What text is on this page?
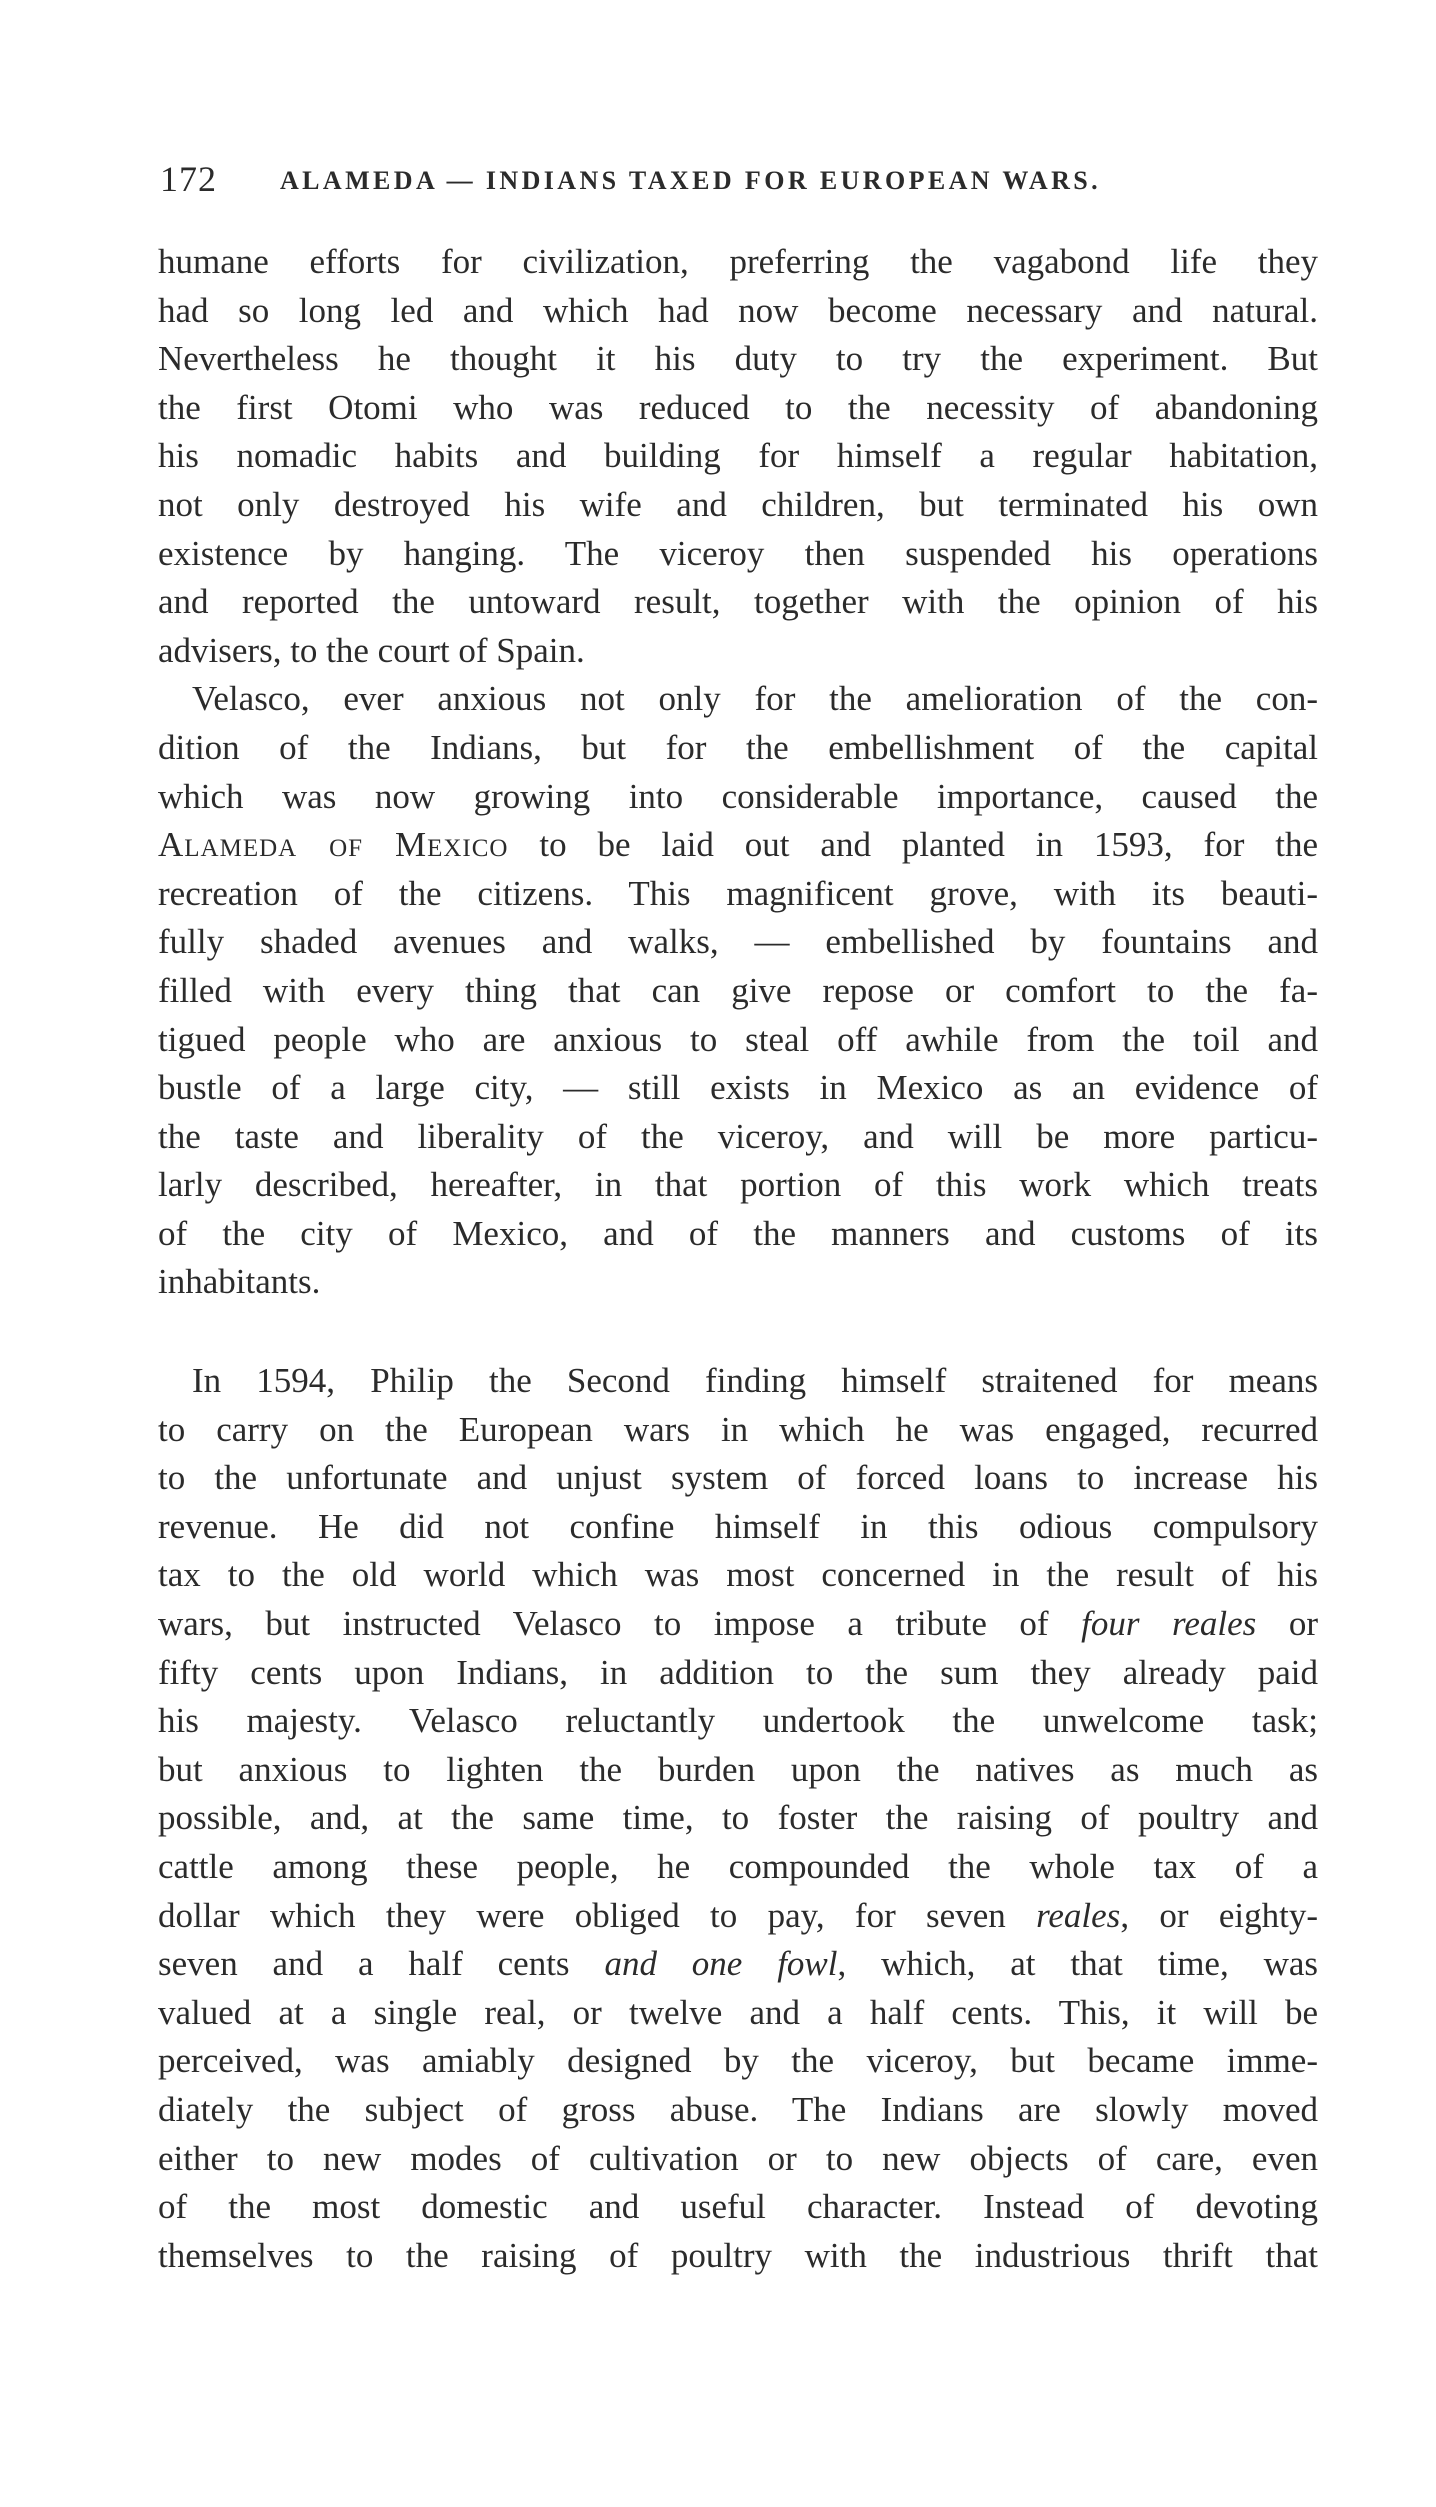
172 ALAMEDA — INDIANS TAXED FOR EUROPEAN WARS.
humane efforts for civilization, preferring the vagabond life they
had so long led and which had now become necessary and natural.
Nevertheless he thought it his duty to try the experiment. But
the first Otomi who was reduced to the necessity of abandoning
his nomadic habits and building for himself a regular habitation,
not only destroyed his wife and children, but terminated his own
existence by hanging. The viceroy then suspended his operations
and reported the untoward result, together with the opinion of his
advisers, to the court of Spain.
Velasco, ever anxious not only for the amelioration of the con-
dition of the Indians, but for the embellishment of the capital
which was now growing into considerable importance, caused the
Alameda of Mexico to be laid out and planted in 1593, for the
recreation of the citizens. This magnificent grove, with its beauti-
fully shaded avenues and walks, — embellished by fountains and
filled with every thing that can give repose or comfort to the fa-
tigued people who are anxious to steal off awhile from the toil and
bustle of a large city, — still exists in Mexico as an evidence of
the taste and liberality of the viceroy, and will be more particu-
larly described, hereafter, in that portion of this work which treats
of the city of Mexico, and of the manners and customs of its
inhabitants.
In 1594, Philip the Second finding himself straitened for means
to carry on the European wars in which he was engaged, recurred
to the unfortunate and unjust system of forced loans to increase his
revenue. He did not confine himself in this odious compulsory
tax to the old world which was most concerned in the result of his
wars, but instructed Velasco to impose a tribute of four reales or
fifty cents upon Indians, in addition to the sum they already paid
his majesty. Velasco reluctantly undertook the unwelcome task;
but anxious to lighten the burden upon the natives as much as
possible, and, at the same time, to foster the raising of poultry and
cattle among these people, he compounded the whole tax of a
dollar which they were obliged to pay, for seven reales, or eighty-
seven and a half cents and one fowl, which, at that time, was
valued at a single real, or twelve and a half cents. This, it will be
perceived, was amiably designed by the viceroy, but became imme-
diately the subject of gross abuse. The Indians are slowly moved
either to new modes of cultivation or to new objects of care, even
of the most domestic and useful character. Instead of devoting
themselves to the raising of poultry with the industrious thrift that
